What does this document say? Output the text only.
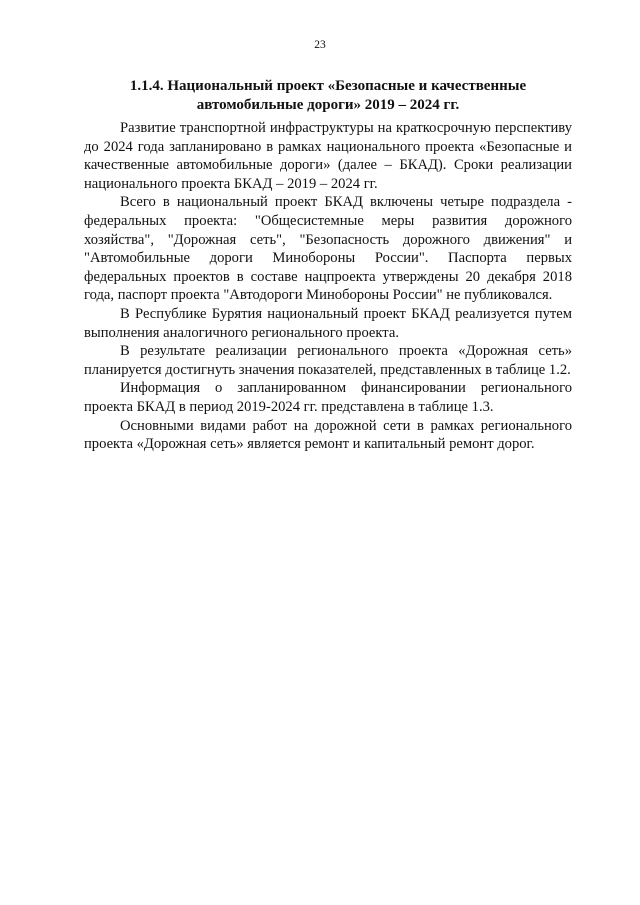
23
1.1.4. Национальный проект «Безопасные и качественные автомобильные дороги» 2019 – 2024 гг.

Развитие транспортной инфраструктуры на краткосрочную перспективу до 2024 года запланировано в рамках национального проекта «Безопасные и качественные автомобильные дороги» (далее – БКАД). Сроки реализации национального проекта БКАД – 2019 – 2024 гг.

Всего в национальный проект БКАД включены четыре подраздела - федеральных проекта: "Общесистемные меры развития дорожного хозяйства", "Дорожная сеть", "Безопасность дорожного движения" и "Автомобильные дороги Минобороны России". Паспорта первых федеральных проектов в составе нацпроекта утверждены 20 декабря 2018 года, паспорт проекта "Автодороги Минобороны России" не публиковался.

В Республике Бурятия национальный проект БКАД реализуется путем выполнения аналогичного регионального проекта.

В результате реализации регионального проекта «Дорожная сеть» планируется достигнуть значения показателей, представленных в таблице 1.2.

Информация о запланированном финансировании регионального проекта БКАД в период 2019-2024 гг. представлена в таблице 1.3.

Основными видами работ на дорожной сети в рамках регионального проекта «Дорожная сеть» является ремонт и капитальный ремонт дорог.
